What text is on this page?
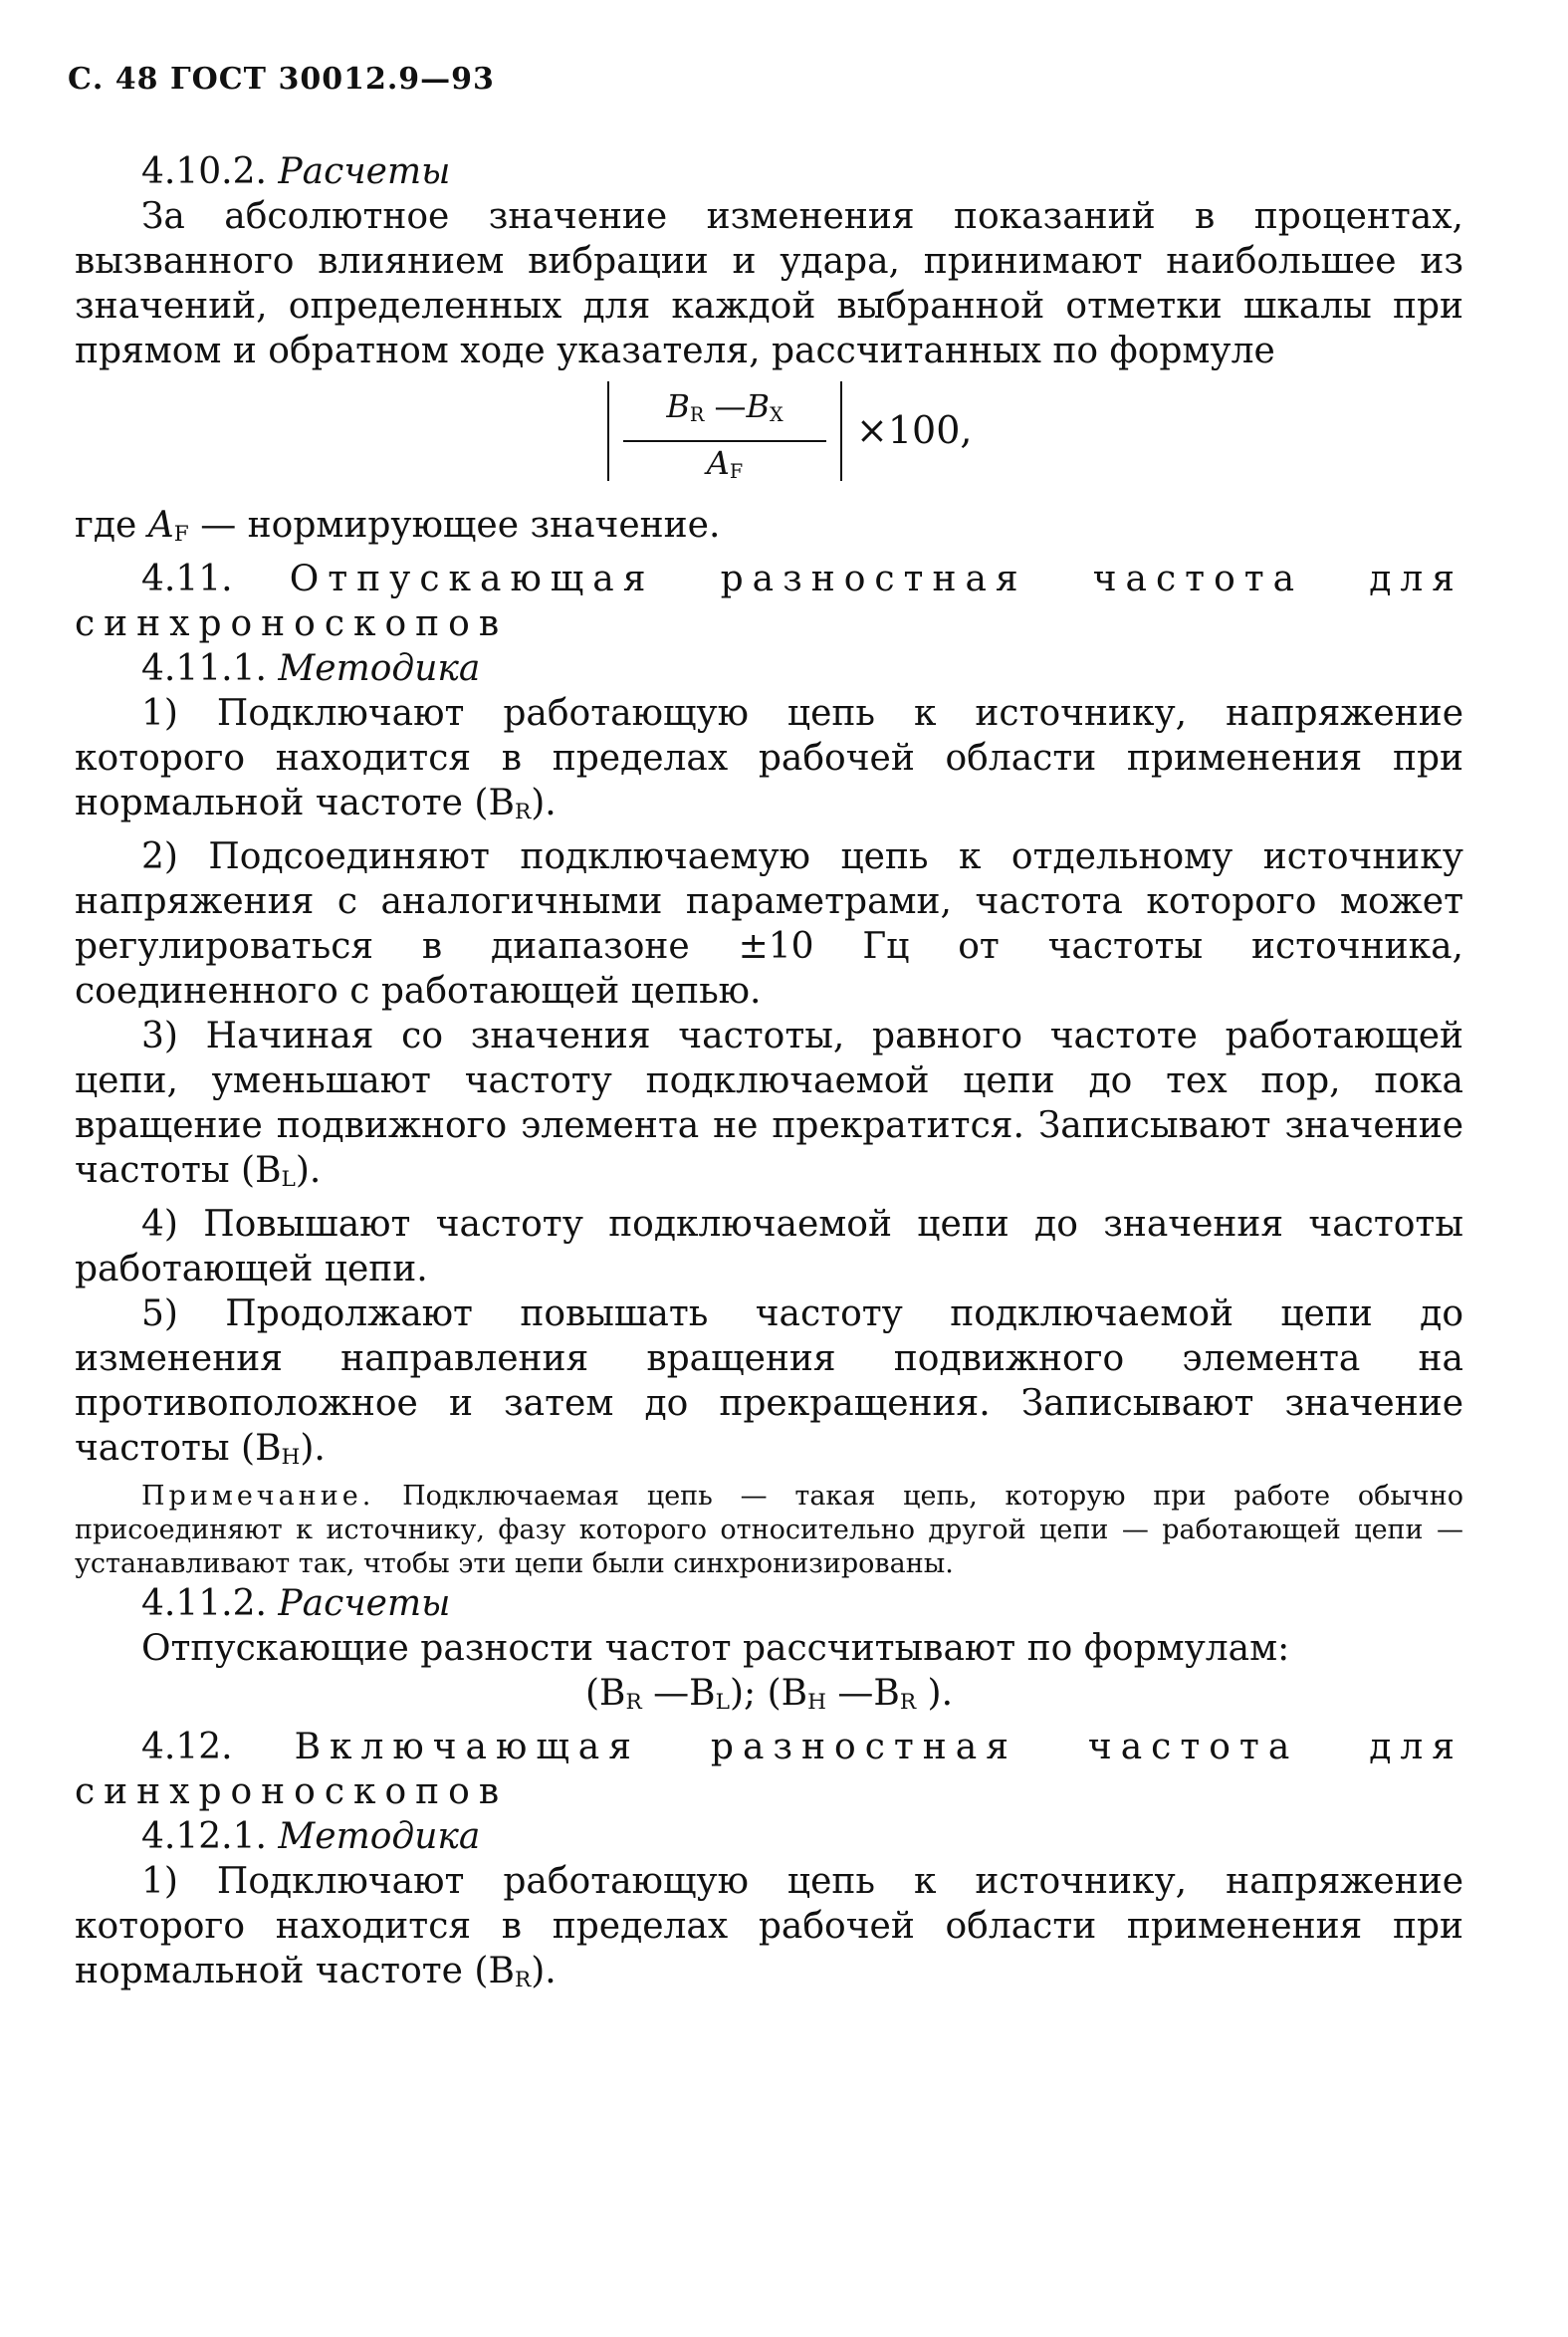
С. 48 ГОСТ 30012.9—93

4.10.2. Расчеты

За абсолютное значение изменения показаний в процентах, вызванного влиянием вибрации и удара, принимают наибольшее из значений, определенных для каждой выбранной отметки шкалы при прямом и обратном ходе указателя, рассчитанных по формуле

$B_R$ $—B_X$
$A_F$
×100,

где $A_F$ — нормирующее значение.

4.11. Отпускающая разностная частота для синхроноскопов

4.11.1. Методика

1) Подключают работающую цепь к источнику, напряжение которого находится в пределах рабочей области применения при нормальной частоте $(B_R)$.

2) Подсоединяют подключаемую цепь к отдельному источнику напряжения с аналогичными параметрами, частота которого может регулироваться в диапазоне ±10 Гц от частоты источника, соединенного с работающей цепью.

3) Начиная со значения частоты, равного частоте работающей цепи, уменьшают частоту подключаемой цепи до тех пор, пока вращение подвижного элемента не прекратится. Записывают значение частоты $(B_L)$.

4) Повышают частоту подключаемой цепи до значения частоты работающей цепи.

5) Продолжают повышать частоту подключаемой цепи до изменения направления вращения подвижного элемента на противоположное и затем до прекращения. Записывают значение частоты $(B_H)$.

Примечание. Подключаемая цепь — такая цепь, которую при работе обычно присоединяют к источнику, фазу которого относительно другой цепи — работающей цепи — устанавливают так, чтобы эти цепи были синхронизированы.

4.11.2. Расчеты

Отпускающие разности частот рассчитывают по формулам:

($B_R$ $—B_L$); ($B_H$ $—B_R$ ).

4.12. Включающая разностная частота для синхроноскопов

4.12.1. Методика

1) Подключают работающую цепь к источнику, напряжение которого находится в пределах рабочей области применения при нормальной частоте $(B_R)$.
